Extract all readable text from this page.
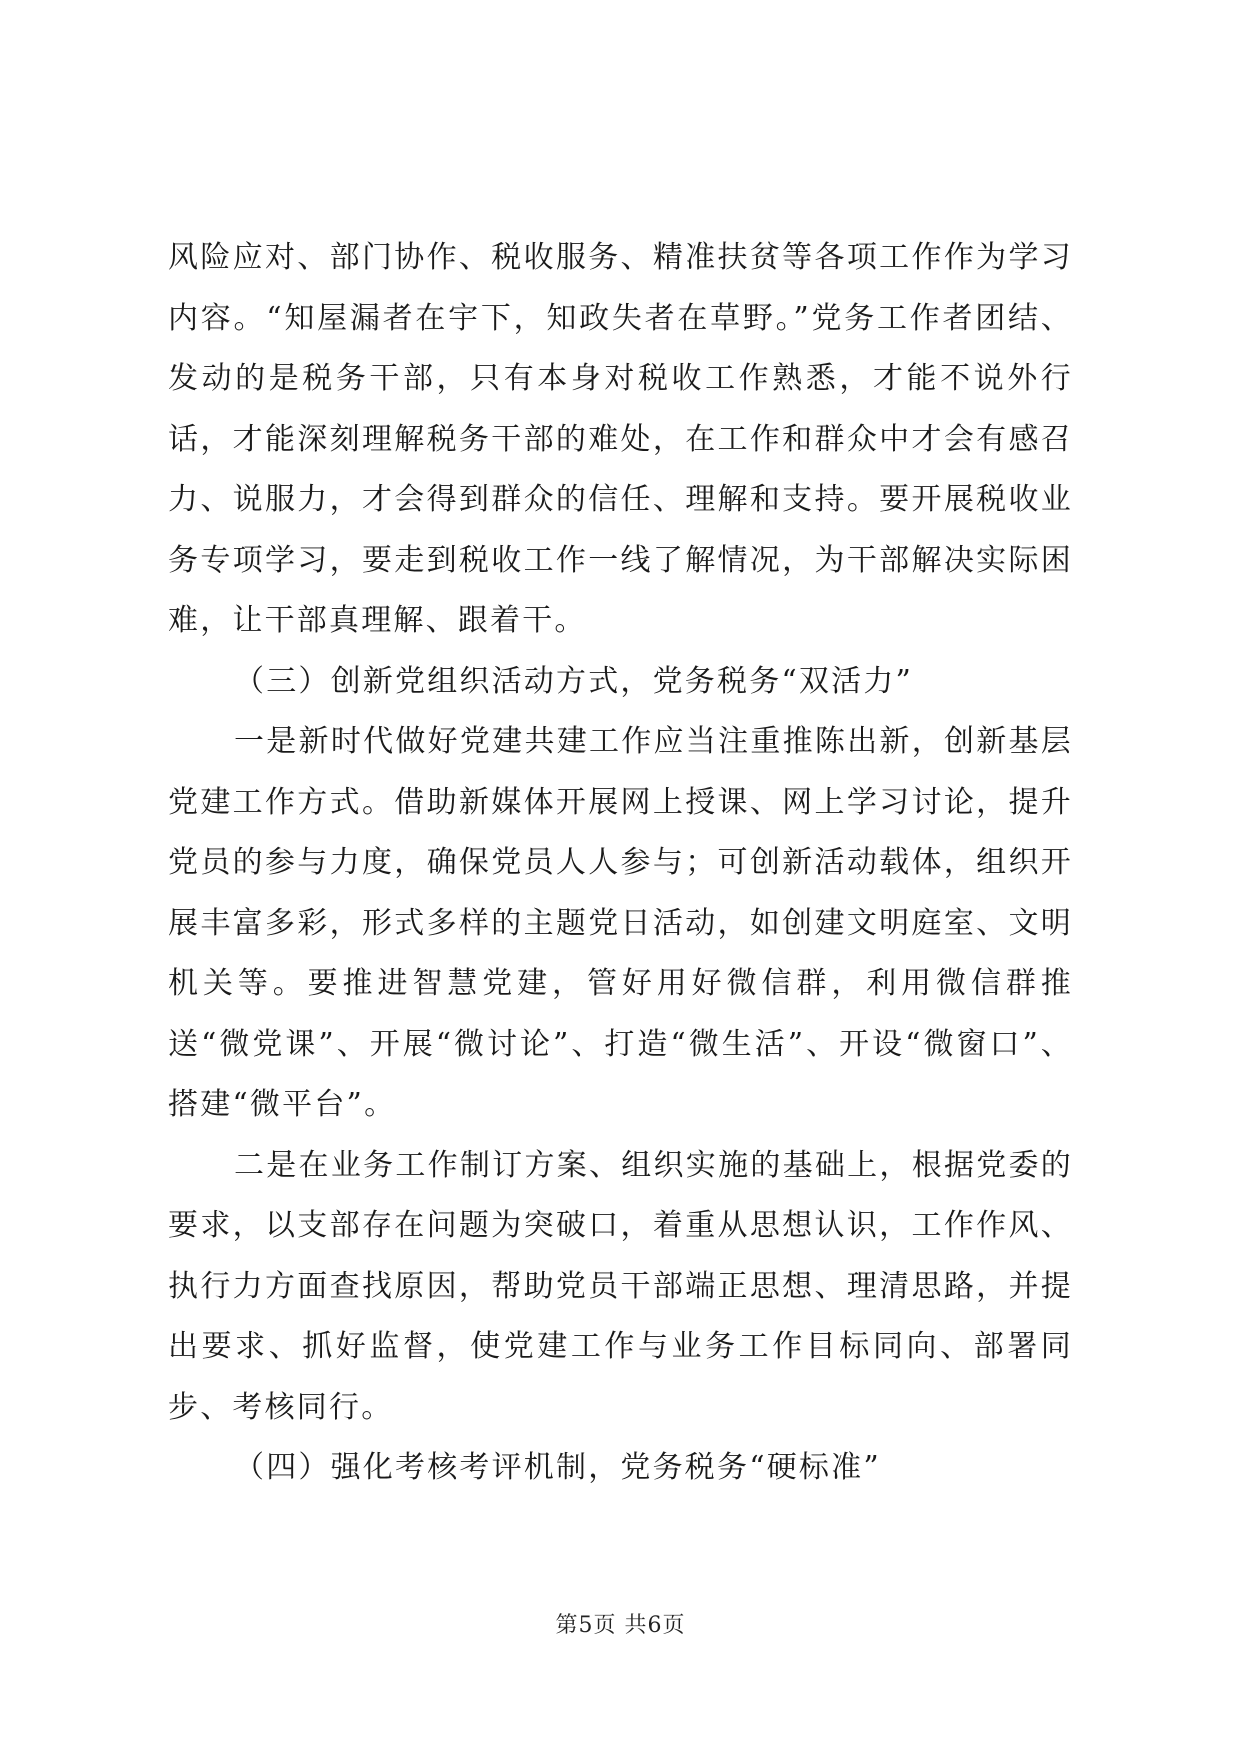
风险应对、部门协作、税收服务、精准扶贫等各项工作作为学习内容。“知屋漏者在宇下，知政失者在草野。”党务工作者团结、发动的是税务干部，只有本身对税收工作熟悉，才能不说外行话，才能深刻理解税务干部的难处，在工作和群众中才会有感召力、说服力，才会得到群众的信任、理解和支持。要开展税收业务专项学习，要走到税收工作一线了解情况，为干部解决实际困难，让干部真理解、跟着干。

（三）创新党组织活动方式，党务税务“双活力”

一是新时代做好党建共建工作应当注重推陈出新，创新基层党建工作方式。借助新媒体开展网上授课、网上学习讨论，提升党员的参与力度，确保党员人人参与；可创新活动载体，组织开展丰富多彩，形式多样的主题党日活动，如创建文明庭室、文明机关等。要推进智慧党建，管好用好微信群，利用微信群推送“微党课”、开展“微讨论”、打造“微生活”、开设“微窗口”、搭建“微平台”。

二是在业务工作制订方案、组织实施的基础上，根据党委的要求，以支部存在问题为突破口，着重从思想认识，工作作风、执行力方面查找原因，帮助党员干部端正思想、理清思路，并提出要求、抓好监督，使党建工作与业务工作目标同向、部署同步、考核同行。

（四）强化考核考评机制，党务税务“硬标准”

第5页 共6页
